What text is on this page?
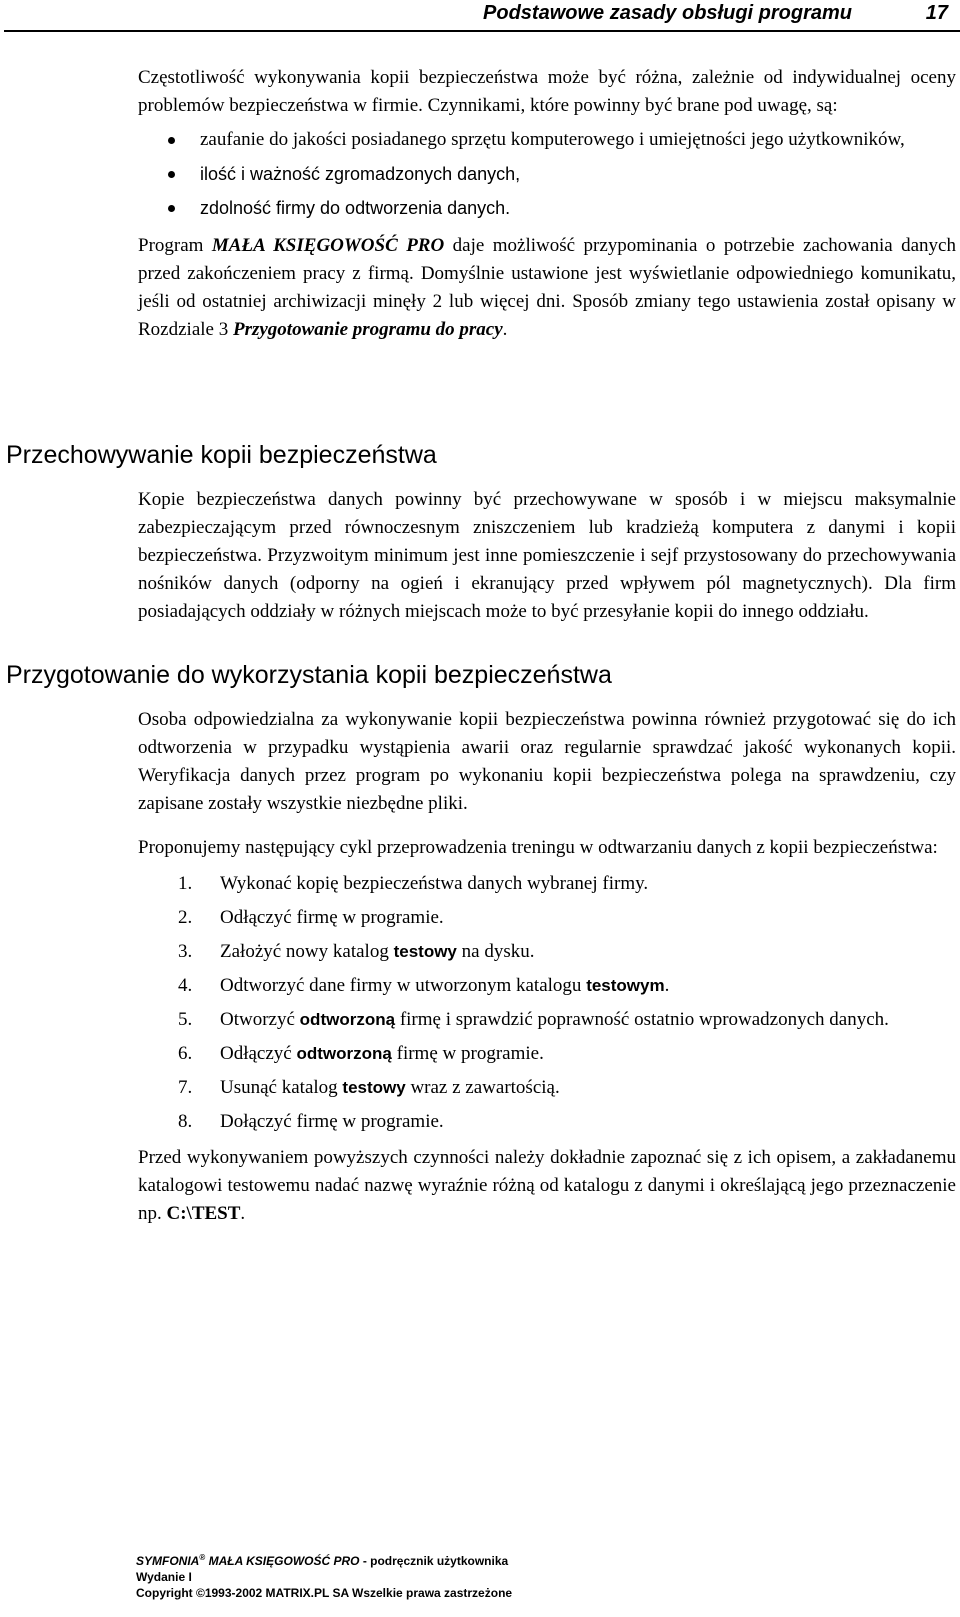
Podstawowe zasady obsługi programu	17

Częstotliwość wykonywania kopii bezpieczeństwa może być różna, zależnie od indywidualnej oceny problemów bezpieczeństwa w firmie. Czynnikami, które powinny być brane pod uwagę, są:

zaufanie do jakości posiadanego sprzętu komputerowego i umiejętności jego użytkowników,
ilość i ważność zgromadzonych danych,
zdolność firmy do odtworzenia danych.

Program MAŁA KSIĘGOWOŚĆ PRO daje możliwość przypominania o potrzebie zachowania danych przed zakończeniem pracy z firmą. Domyślnie ustawione jest wyświetlanie odpowiedniego komunikatu, jeśli od ostatniej archiwizacji minęły 2 lub więcej dni. Sposób zmiany tego ustawienia został opisany w Rozdziale 3 Przygotowanie programu do pracy.

Przechowywanie kopii bezpieczeństwa

Kopie bezpieczeństwa danych powinny być przechowywane w sposób i w miejscu maksymalnie zabezpieczającym przed równoczesnym zniszczeniem lub kradzieżą komputera z danymi i kopii bezpieczeństwa. Przyzwoitym minimum jest inne pomieszczenie i sejf przystosowany do przechowywania nośników danych (odporny na ogień i ekranujący przed wpływem pól magnetycznych). Dla firm posiadających oddziały w różnych miejscach może to być przesyłanie kopii do innego oddziału.

Przygotowanie do wykorzystania kopii bezpieczeństwa

Osoba odpowiedzialna za wykonywanie kopii bezpieczeństwa powinna również przygotować się do ich odtworzenia w przypadku wystąpienia awarii oraz regularnie sprawdzać jakość wykonanych kopii. Weryfikacja danych przez program po wykonaniu kopii bezpieczeństwa polega na sprawdzeniu, czy zapisane zostały wszystkie niezbędne pliki.

Proponujemy następujący cykl przeprowadzenia treningu w odtwarzaniu danych z kopii bezpieczeństwa:

1. Wykonać kopię bezpieczeństwa danych wybranej firmy.
2. Odłączyć firmę w programie.
3. Założyć nowy katalog testowy na dysku.
4. Odtworzyć dane firmy w utworzonym katalogu testowym.
5. Otworzyć odtworzoną firmę i sprawdzić poprawność ostatnio wprowadzonych danych.
6. Odłączyć odtworzoną firmę w programie.
7. Usunąć katalog testowy wraz z zawartością.
8. Dołączyć firmę w programie.

Przed wykonywaniem powyższych czynności należy dokładnie zapoznać się z ich opisem, a zakładanemu katalogowi testowemu nadać nazwę wyraźnie różną od katalogu z danymi i określającą jego przeznaczenie np. C:\TEST.

SYMFONIA® MAŁA KSIĘGOWOŚĆ PRO - podręcznik użytkownika
Wydanie I
Copyright ©1993-2002 MATRIX.PL SA Wszelkie prawa zastrzeżone
